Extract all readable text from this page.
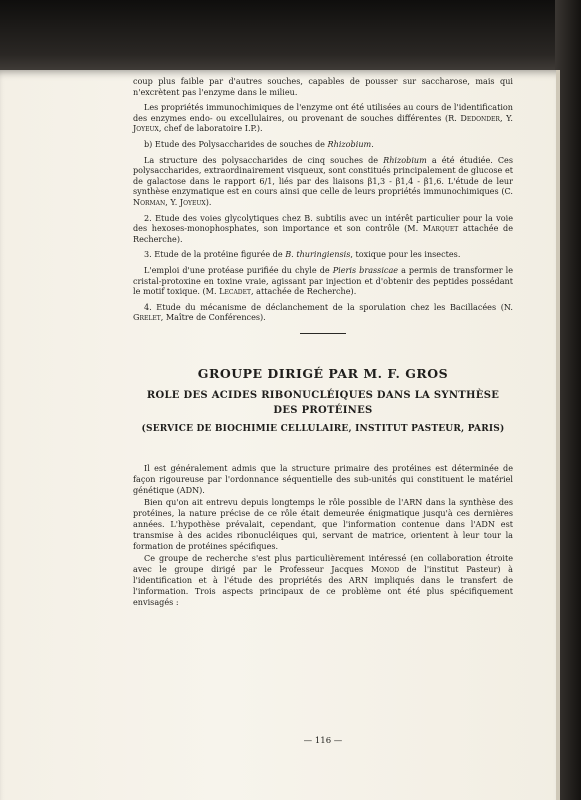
coup plus faible par d'autres souches, capables de pousser sur saccharose, mais qui n'excrètent pas l'enzyme dans le milieu.

Les propriétés immunochimiques de l'enzyme ont été utilisées au cours de l'identification des enzymes endo- ou excellulaires, ou provenant de souches différentes (R. Dedonder, Y. Joyeux, chef de laboratoire I.P.).

b) Etude des Polysaccharides de souches de Rhizobium.

La structure des polysaccharides de cinq souches de Rhizobium a été étudiée. Ces polysaccharides, extraordinairement visqueux, sont constitués principalement de glucose et de galactose dans le rapport 6/1, liés par des liaisons β1,3 - β1,4 - β1,6. L'étude de leur synthèse enzymatique est en cours ainsi que celle de leurs propriétés immunochimiques (C. Norman, Y. Joyeux).

2. Etude des voies glycolytiques chez B. subtilis avec un intérêt particulier pour la voie des hexoses-monophosphates, son importance et son contrôle (M. Marquet attachée de Recherche).

3. Etude de la protéine figurée de B. thuringiensis, toxique pour les insectes.

L'emploi d'une protéase purifiée du chyle de Pieris brassicae a permis de transformer le cristal-protoxine en toxine vraie, agissant par injection et d'obtenir des peptides possédant le motif toxique. (M. Lecadet, attachée de Recherche).

4. Etude du mécanisme de déclanchement de la sporulation chez les Bacillacées (N. Grelet, Maître de Conférences).

GROUPE DIRIGÉ PAR M. F. GROS
ROLE DES ACIDES RIBONUCLÉIQUES DANS LA SYNTHÈSE
DES PROTÉINES
(SERVICE DE BIOCHIMIE CELLULAIRE, INSTITUT PASTEUR, PARIS)

Il est généralement admis que la structure primaire des protéines est déterminée de façon rigoureuse par l'ordonnance séquentielle des sub-unités qui constituent le matériel génétique (ADN).

Bien qu'on ait entrevu depuis longtemps le rôle possible de l'ARN dans la synthèse des protéines, la nature précise de ce rôle était demeurée énigmatique jusqu'à ces dernières années. L'hypothèse prévalait, cependant, que l'information contenue dans l'ADN est transmise à des acides ribonucléiques qui, servant de matrice, orientent à leur tour la formation de protéines spécifiques.

Ce groupe de recherche s'est plus particulièrement intéressé (en collaboration étroite avec le groupe dirigé par le Professeur Jacques Monod de l'institut Pasteur) à l'identification et à l'étude des propriétés des ARN impliqués dans le transfert de l'information. Trois aspects principaux de ce problème ont été plus spécifiquement envisagés :

— 116 —
